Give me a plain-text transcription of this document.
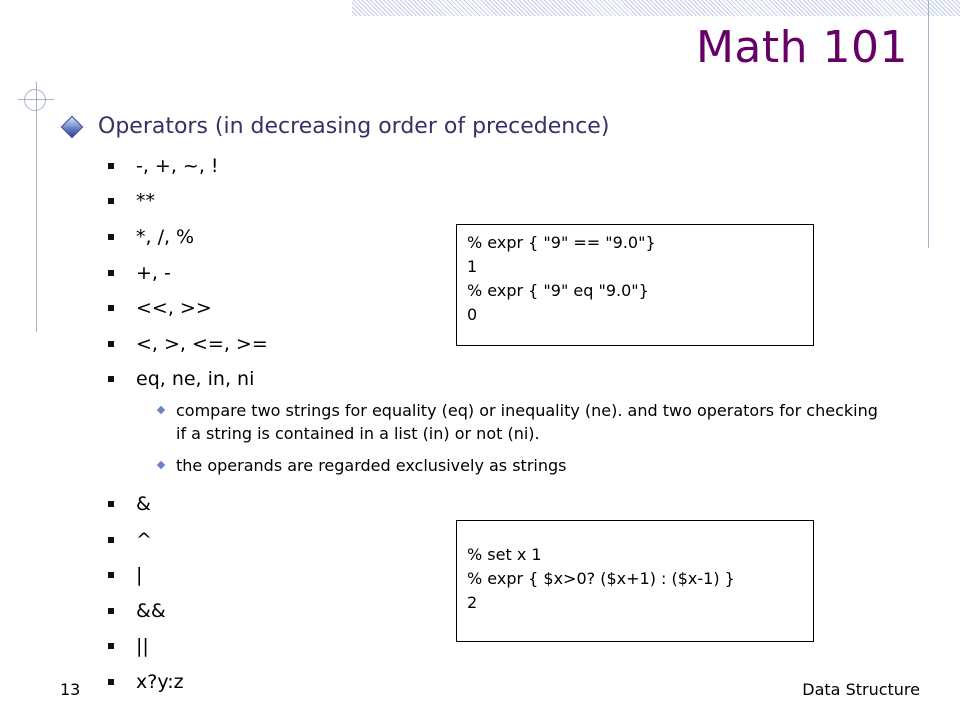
Math 101
Operators (in decreasing order of precedence)
-, +, ~, !
**
*, /, %
+, -
<<, >>
<, >, <=, >=
eq, ne, in, ni
compare two strings for equality (eq) or inequality (ne). and two operators for checking if a string is contained in a list (in) or not (ni).
the operands are regarded exclusively as strings
&
^
|
&&
||
x?y:z
% expr { "9" == "9.0"}
1
% expr { "9" eq "9.0"}
0
% set x 1
% expr { $x>0? ($x+1) : ($x-1) }
2
13	Data Structure
